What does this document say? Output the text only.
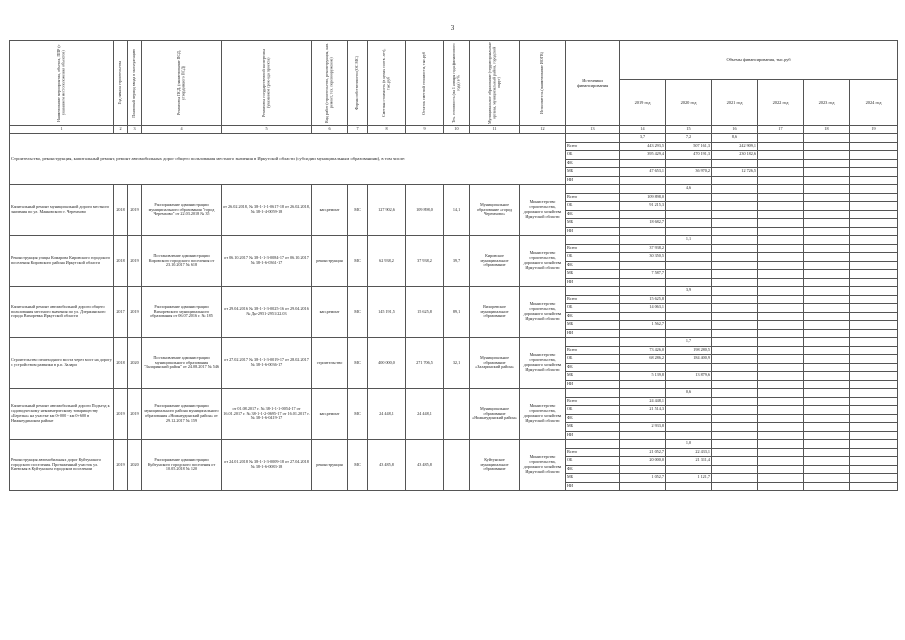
3
Наименование мероприятия, объекта, ППР (с указанием местоположения объектов)	Год начала строительства	Плановый период ввода в эксплуатацию	Реквизиты ПСД, (наименование ПСД, утвердившего ПСД)	Реквизиты государственной экспертизы (указанием срок-ода проекта)	Вид работ (строительство, реконструкция, кап. ремонт, тех. перевооружение)	Форма собственности (ОС МС)	Сметная стоимость (в ценах соотв. лет), тыс.руб	Остаток сметной стоимости, тыс.руб	Тех. готовность (на 1 января года финансового года) в %	Муниципальное образование (территориальные органы, муниципальный район, городской округ)	Исполнитель (наименование ИОГВ)	Источники финансирования	Объемы финансирования, тыс.руб					
													2019 год	2020 год	2021 год	2022 год	2023 год	2024 год
1	2	3	4	5	6	7	8	9	10	11	12	13	14	15	16	17	18	19
Строительство, реконструкция, капитальный ремонт, ремонт автомобильных дорог общего пользования местного значения в Иркутской области (субсидии муниципальным образованиям), в том числе:													3,7	7,2	8,6			
												Всего	443 293,5	507 161,3	242 909,1			
												ОБ	395 429,4	470 191,3	230 182,6			
												ФБ						
												МБ	47 653,1	36 970,2	12 726,5			
												НИ						
Капитальный ремонт муниципальной дороги местного значения по ул. Маяковского г. Черемхово	2018	2019	Распоряжение администрации муниципального образования "город Черемхово" от 22.03.2018 № 35	от 26.02.2018, № 38-1-1-1-0617-18 от 26.02.2018, № 38-1-4-0059-18	кап.ремонт	МС	127 902,6	109 898,0	14,1	Муниципальное образование «город Черемхово»	Министерство строительства, дорожного хозяйства Иркутской области			4,6				
												Всего	109 898,0					
												ОБ	91 215,3					
												ФБ						
												МБ	18 682,7					
												НИ						
Реконструкция улицы Комарова Кировского городского поселения Кировского района Иркутской области	2018	2019	Постановление администрации Кировского городского поселения от 23.10.2017 № 618	от 06.10.2017 № 38-1-1-3-0084-17 от 06.10.2017 № 38-1-6-0361-17	реконструкция	МС	62 938,2	37 938,2	39,7	Кировское муниципальное образование	Министерство строительства, дорожного хозяйства Иркутской области			1,1				
												Всего	37 938,2					
												ОБ	30 350,5					
												ФБ						
												МБ	7 587,7					
												НИ						
Капитальный ремонт автомобильной дороги общего пользования местного значения по ул. Дзержинского города Вихоревка Иркутской области	2017	2019	Распоряжение администрации Вихоревского муниципального образования от 06.07.2016 г. № 185	от 29.04.2016 № 38-1-1-3-0025-16 от 29.04.2016 № Дн-2951-2951/22.03	кап.ремонт	МС	145 191,5	15 625,8	89,1	Вихоревское муниципальное образование	Министерство строительства, дорожного хозяйства Иркутской области			3,9				
												Всего	15 625,8					
												ОБ	14 063,1					
												ФБ						
												МБ	1 562,7					
												НИ						
Строительство пешеходного моста через мост на дорогу с устройством развязки в р.п. Залари	2018	2020	Постановление администрации муниципального образования "Заларинский район" от 24.08.2017 № 546	от 27.02.2017 № 38-1-1-3-0019-17 от 28.02.2017 № 38-1-6-0036-17	строительство	МС	400 000,0	271 706,5	32,1	Муниципальное образование «Заларинский район»	Министерство строительства, дорожного хозяйства Иркутской области			1,7				
												Всего	73 426,0	198 280,5				
												ОБ	68 286,2	184 400,9				
												ФБ						
												МБ	5 139,8	13 879,6				
												НИ						
Капитальный ремонт автомобильной дороги Подъезд к садоводческому некоммерческому товариществу «Березка» на участке км 0+000 - км 0+600 в Нижнеудинском районе	2019	2019	Распоряжение администрации муниципального района муниципального образования «Нижнеудинский район» от 29.12.2017 № 159	от 01.08.2017 г. № 38-1-1-1-0054-17 от 16.01.2017 г. № 38-1-1-2-0695-17 от 16.01.2017 г. № 38-1-6-0419-17	кап.ремонт	МС	24 448,1	24 448,1		Муниципальное образование «Нижнеудинский район»	Министерство строительства, дорожного хозяйства Иркутской области			0,6				
												Всего	24 448,1					
												ОБ	21 514,3					
												ФБ						
												МБ	2 933,8					
												НИ						
Реконструкция автомобильных дорог Куйтунского городского поселения. Протяженный участок ул. Киевская в Куйтунском городском поселении	2019	2020	Распоряжение администрации Куйтунского городского поселения от 10.05.2018 № 120	от 24.01.2018 № 38-1-1-3-0009-18 от 27.04.2018 № 38-1-6-0083-18	реконструкция	МС	43 485,8	43 485,8		Куйтунское муниципальное образование	Министерство строительства, дорожного хозяйства Иркутской области			1,0				
												Всего	21 052,7	22 433,1				
												ОБ	20 000,0	21 311,4				
												ФБ						
												МБ	1 052,7	1 121,7				
												НИ						
